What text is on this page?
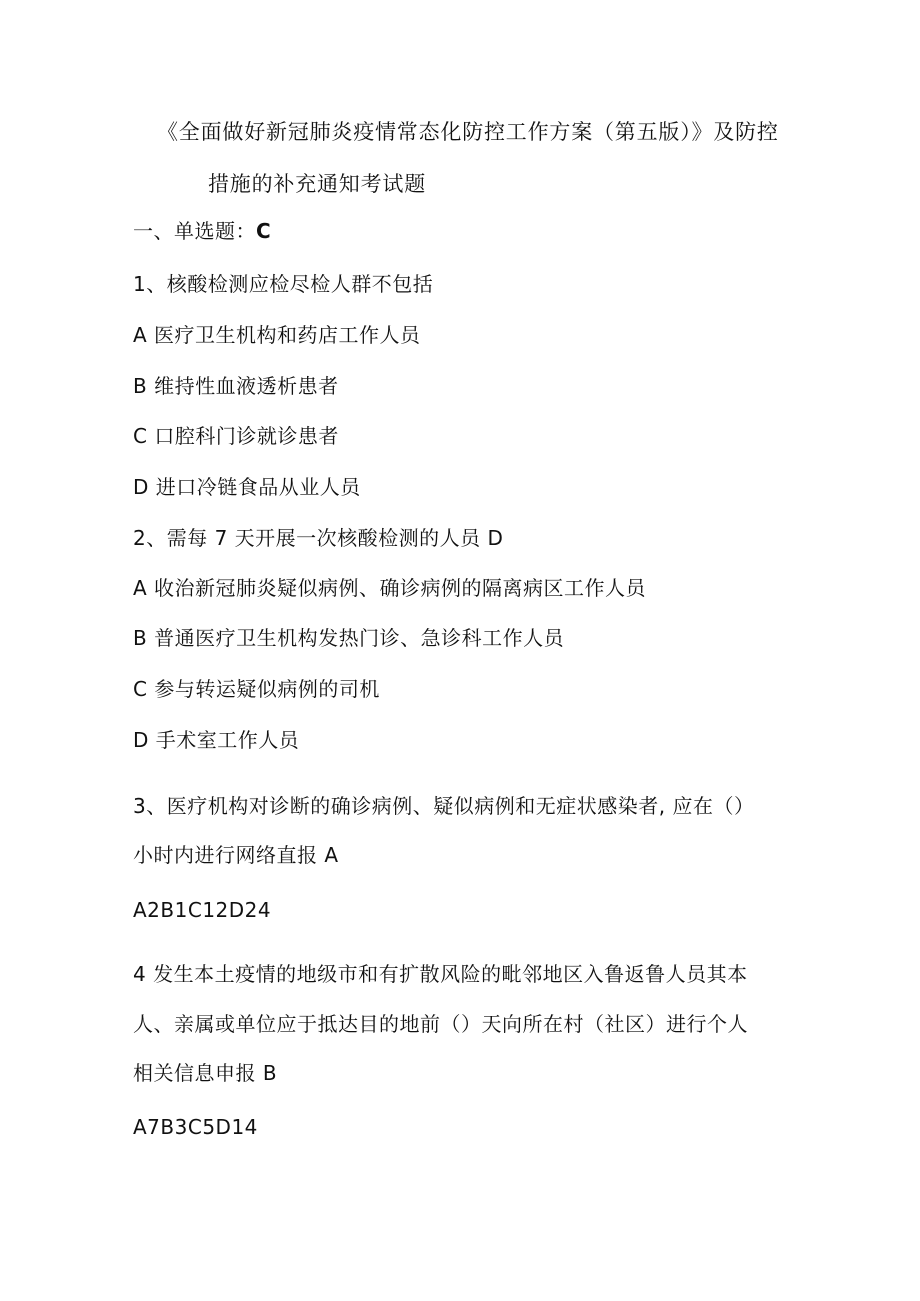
《全面做好新冠肺炎疫情常态化防控工作方案（第五版）》及防控
措施的补充通知考试题
一、单选题：C
1、核酸检测应检尽检人群不包括
A 医疗卫生机构和药店工作人员
B 维持性血液透析患者
C 口腔科门诊就诊患者
D 进口冷链食品从业人员
2、需每 7 天开展一次核酸检测的人员 D
A 收治新冠肺炎疑似病例、确诊病例的隔离病区工作人员
B 普通医疗卫生机构发热门诊、急诊科工作人员
C 参与转运疑似病例的司机
D 手术室工作人员
3、医疗机构对诊断的确诊病例、疑似病例和无症状感染者, 应在（）
小时内进行网络直报 A
A2B1C12D24
4 发生本土疫情的地级市和有扩散风险的毗邻地区入鲁返鲁人员其本
人、亲属或单位应于抵达目的地前（）天向所在村（社区）进行个人
相关信息申报 B
A7B3C5D14
